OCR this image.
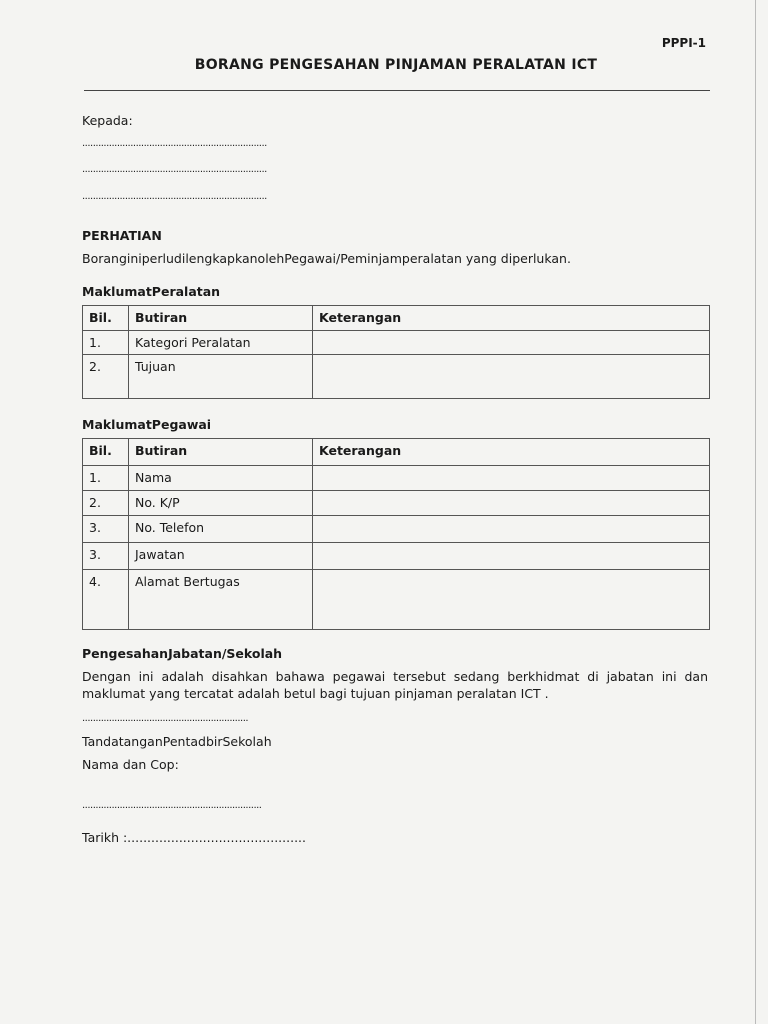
PPPI-1
BORANG PENGESAHAN PINJAMAN PERALATAN ICT
Kepada:
.....................................................................
.....................................................................
.....................................................................
PERHATIAN
BoranginiperludilengkapkanolehPegawai/Peminjamperalatan yang diperlukan.
MaklumatPeralatan
Bil.	Butiran	Keterangan
1.	Kategori Peralatan	
2.	Tujuan	
MaklumatPegawai
Bil.	Butiran	Keterangan
1.	Nama	
2.	No. K/P	
3.	No. Telefon	
3.	Jawatan	
4.	Alamat Bertugas	
PengesahanJabatan/Sekolah
Dengan ini adalah disahkan bahawa pegawai tersebut sedang berkhidmat di jabatan ini dan maklumat yang tercatat adalah betul bagi tujuan pinjaman peralatan ICT .
..............................................................
TandatanganPentadbirSekolah
Nama dan Cop:
...................................................................
Tarikh :.............................................
